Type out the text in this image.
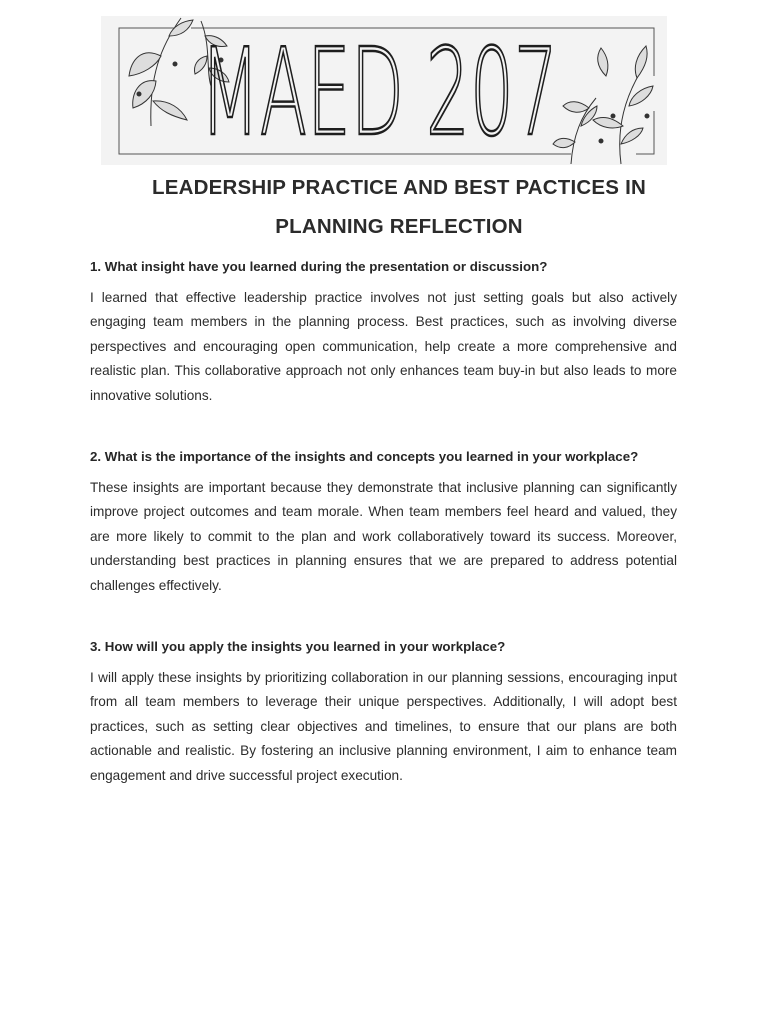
MAED 207
LEADERSHIP PRACTICE AND BEST PACTICES IN
PLANNING REFLECTION
1. What insight have you learned during the presentation or discussion?
I learned that effective leadership practice involves not just setting goals but also actively engaging team members in the planning process. Best practices, such as involving diverse perspectives and encouraging open communication, help create a more comprehensive and realistic plan. This collaborative approach not only enhances team buy-in but also leads to more innovative solutions.
2. What is the importance of the insights and concepts you learned in your workplace?
These insights are important because they demonstrate that inclusive planning can significantly improve project outcomes and team morale. When team members feel heard and valued, they are more likely to commit to the plan and work collaboratively toward its success. Moreover, understanding best practices in planning ensures that we are prepared to address potential challenges effectively.
3. How will you apply the insights you learned in your workplace?
I will apply these insights by prioritizing collaboration in our planning sessions, encouraging input from all team members to leverage their unique perspectives. Additionally, I will adopt best practices, such as setting clear objectives and timelines, to ensure that our plans are both actionable and realistic. By fostering an inclusive planning environment, I aim to enhance team engagement and drive successful project execution.
